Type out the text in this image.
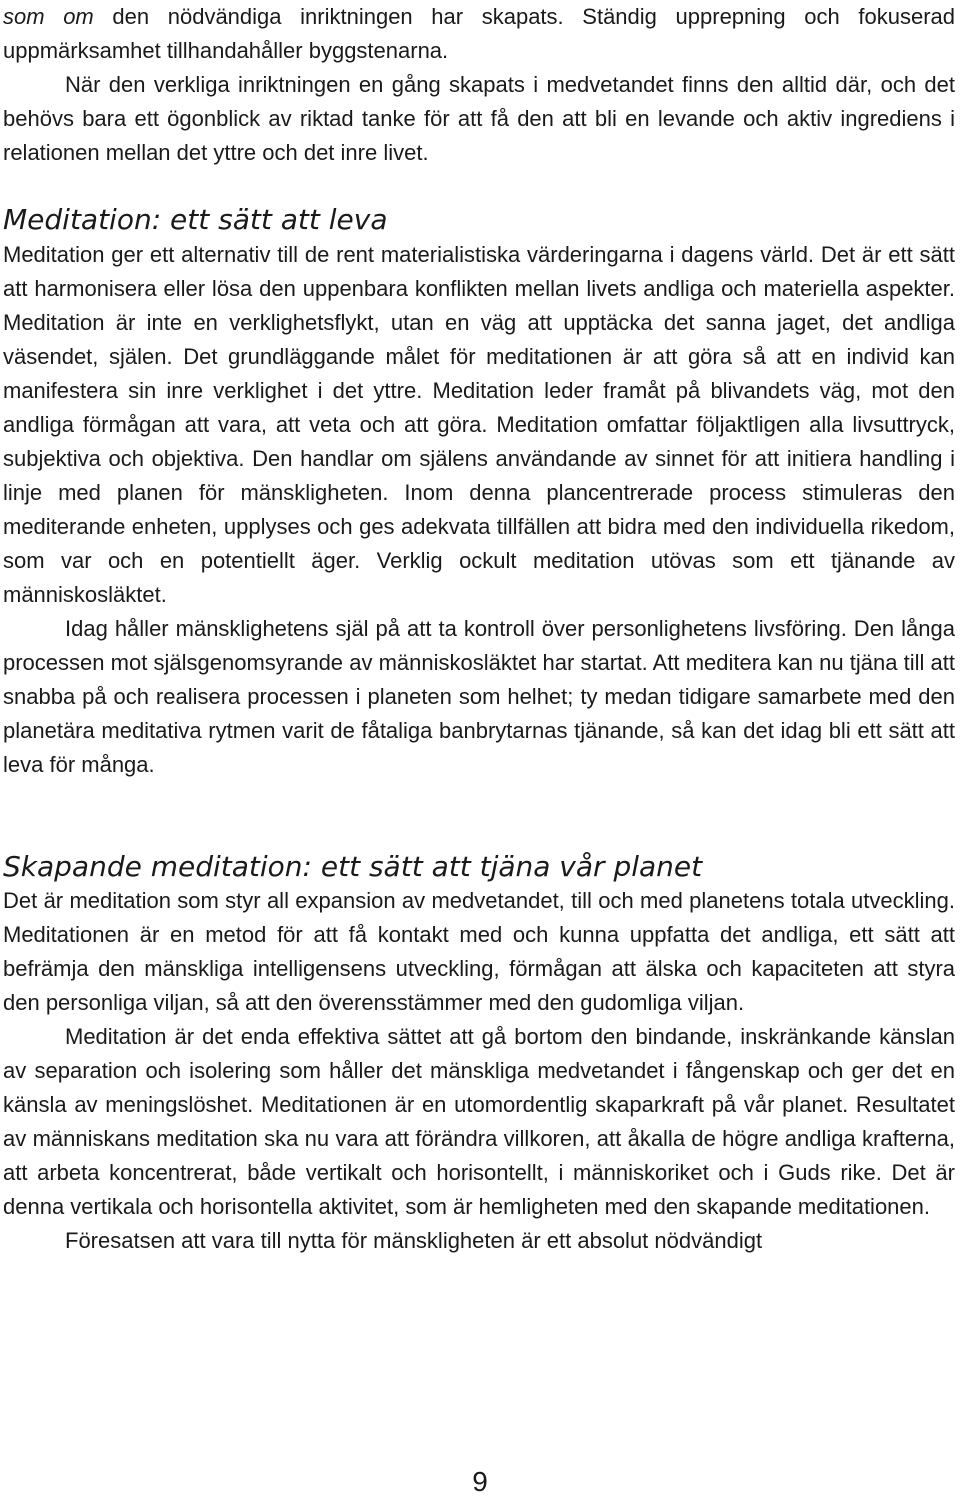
som om den nödvändiga inriktningen har skapats. Ständig upprepning och fokuserad uppmärksamhet tillhandahåller byggstenarna.

När den verkliga inriktningen en gång skapats i medvetandet finns den alltid där, och det behövs bara ett ögonblick av riktad tanke för att få den att bli en levande och aktiv ingrediens i relationen mellan det yttre och det inre livet.

Meditation: ett sätt att leva

Meditation ger ett alternativ till de rent materialistiska värderingarna i dagens värld. Det är ett sätt att harmonisera eller lösa den uppenbara konflikten mellan livets andliga och materiella aspekter. Meditation är inte en verklighetsflykt, utan en väg att upptäcka det sanna jaget, det andliga väsendet, själen. Det grundläggande målet för meditationen är att göra så att en individ kan manifestera sin inre verklighet i det yttre. Meditation leder framåt på blivandets väg, mot den andliga förmågan att vara, att veta och att göra. Meditation omfattar följaktligen alla livsuttryck, subjektiva och objektiva. Den handlar om själens användande av sinnet för att initiera handling i linje med planen för mänskligheten. Inom denna plancentrerade process stimuleras den mediterande enheten, upplyses och ges adekvata tillfällen att bidra med den individuella rikedom, som var och en potentiellt äger. Verklig ockult meditation utövas som ett tjänande av människosläktet.

Idag håller mänsklighetens själ på att ta kontroll över personlighetens livsföring. Den långa processen mot själsgenomsyrande av människosläktet har startat. Att meditera kan nu tjäna till att snabba på och realisera processen i planeten som helhet; ty medan tidigare samarbete med den planetära meditativa rytmen varit de fåtaliga banbrytarnas tjänande, så kan det idag bli ett sätt att leva för många.

Skapande meditation: ett sätt att tjäna vår planet

Det är meditation som styr all expansion av medvetandet, till och med planetens totala utveckling. Meditationen är en metod för att få kontakt med och kunna uppfatta det andliga, ett sätt att befrämja den mänskliga intelligensens utveckling, förmågan att älska och kapaciteten att styra den personliga viljan, så att den överensstämmer med den gudomliga viljan.

Meditation är det enda effektiva sättet att gå bortom den bindande, inskränkande känslan av separation och isolering som håller det mänskliga medvetandet i fångenskap och ger det en känsla av meningslöshet. Meditationen är en utomordentlig skaparkraft på vår planet. Resultatet av människans meditation ska nu vara att förändra villkoren, att åkalla de högre andliga krafterna, att arbeta koncentrerat, både vertikalt och horisontellt, i människoriket och i Guds rike. Det är denna vertikala och horisontella aktivitet, som är hemligheten med den skapande meditationen.

Föresatsen att vara till nytta för mänskligheten är ett absolut nödvändigt

9
